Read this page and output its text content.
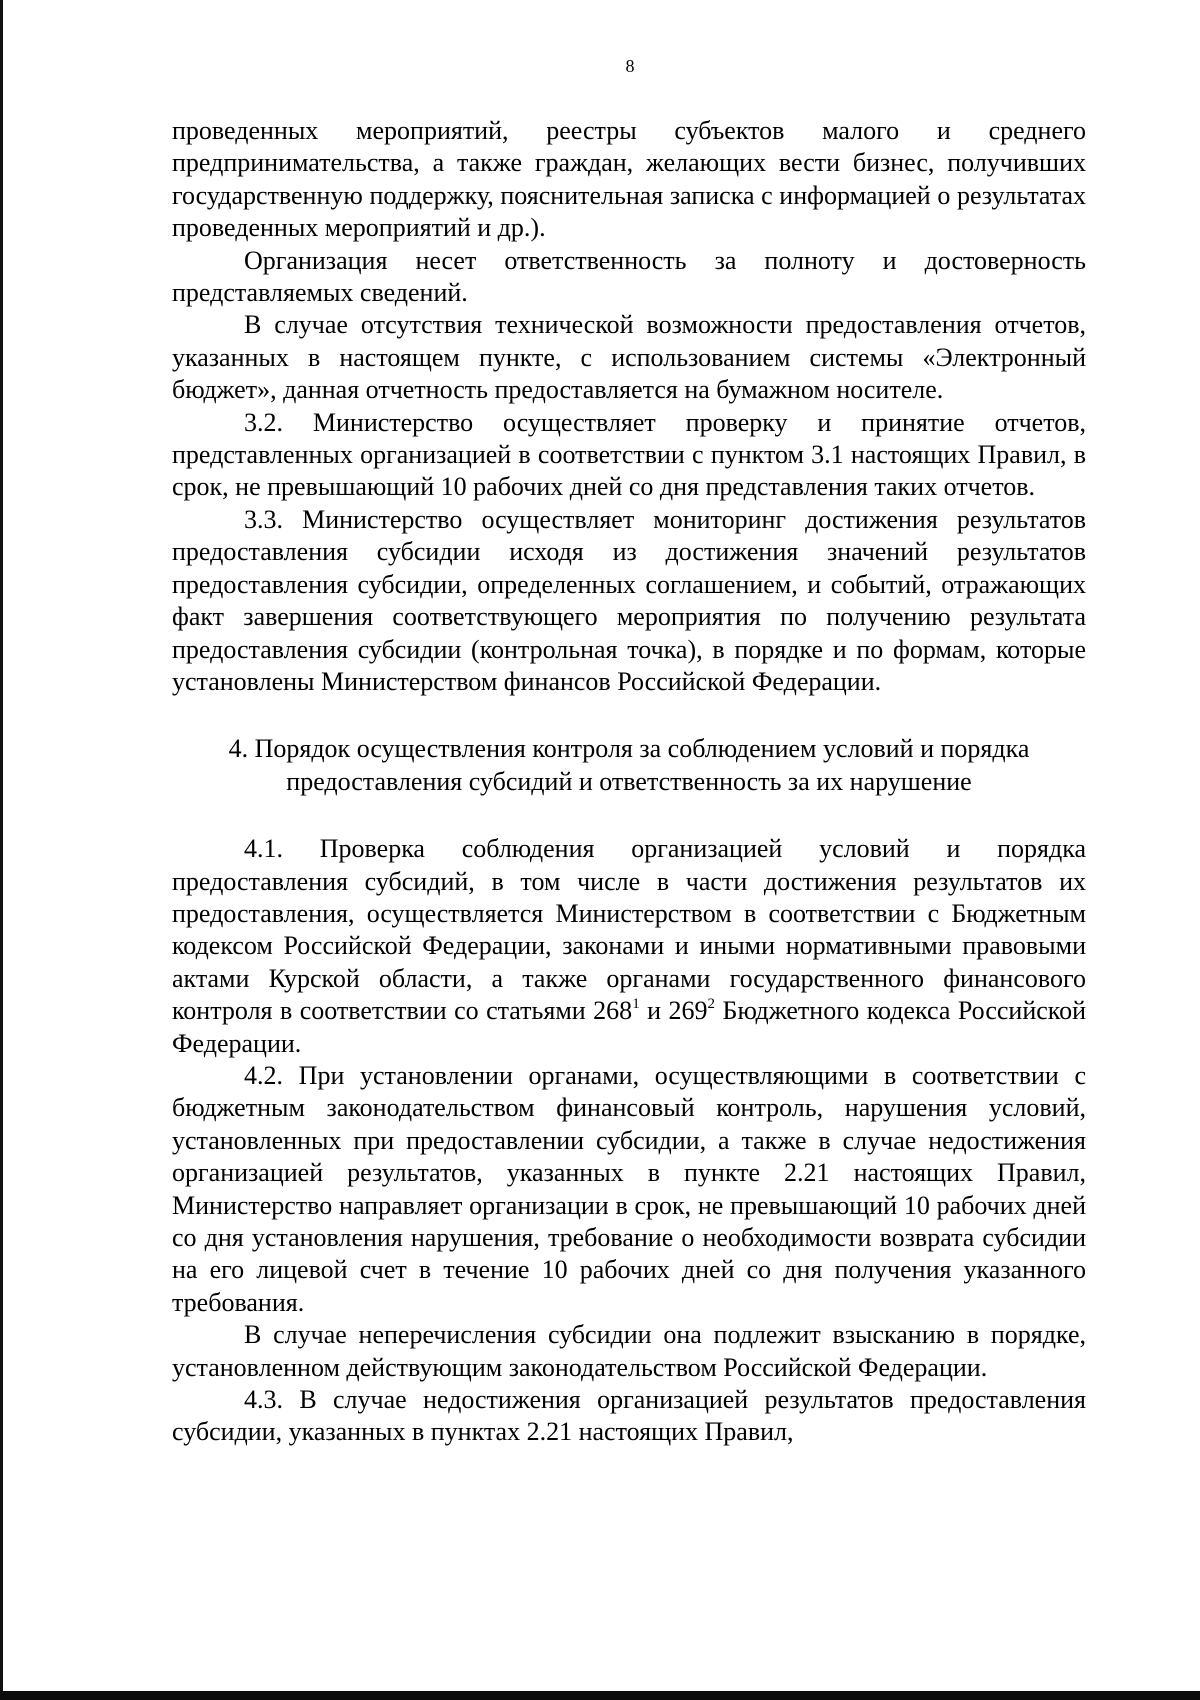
8

проведенных мероприятий, реестры субъектов малого и среднего предпринимательства, а также граждан, желающих вести бизнес, получивших государственную поддержку, пояснительная записка с информацией о результатах проведенных мероприятий и др.).

Организация несет ответственность за полноту и достоверность представляемых сведений.

В случае отсутствия технической возможности предоставления отчетов, указанных в настоящем пункте, с использованием системы «Электронный бюджет», данная отчетность предоставляется на бумажном носителе.

3.2. Министерство осуществляет проверку и принятие отчетов, представленных организацией в соответствии с пунктом 3.1 настоящих Правил, в срок, не превышающий 10 рабочих дней со дня представления таких отчетов.

3.3. Министерство осуществляет мониторинг достижения результатов предоставления субсидии исходя из достижения значений результатов предоставления субсидии, определенных соглашением, и событий, отражающих факт завершения соответствующего мероприятия по получению результата предоставления субсидии (контрольная точка), в порядке и по формам, которые установлены Министерством финансов Российской Федерации.

4. Порядок осуществления контроля за соблюдением условий и порядка
предоставления субсидий и ответственность за их нарушение

4.1. Проверка соблюдения организацией условий и порядка предоставления субсидий, в том числе в части достижения результатов их предоставления, осуществляется Министерством в соответствии с Бюджетным кодексом Российской Федерации, законами и иными нормативными правовыми актами Курской области, а также органами государственного финансового контроля в соответствии со статьями $268^1$ и $269^2$ Бюджетного кодекса Российской Федерации.

4.2. При установлении органами, осуществляющими в соответствии с бюджетным законодательством финансовый контроль, нарушения условий, установленных при предоставлении субсидии, а также в случае недостижения организацией результатов, указанных в пункте 2.21 настоящих Правил, Министерство направляет организации в срок, не превышающий 10 рабочих дней со дня установления нарушения, требование о необходимости возврата субсидии на его лицевой счет в течение 10 рабочих дней со дня получения указанного требования.

В случае неперечисления субсидии она подлежит взысканию в порядке, установленном действующим законодательством Российской Федерации.

4.3. В случае недостижения организацией результатов предоставления субсидии, указанных в пунктах 2.21 настоящих Правил,
